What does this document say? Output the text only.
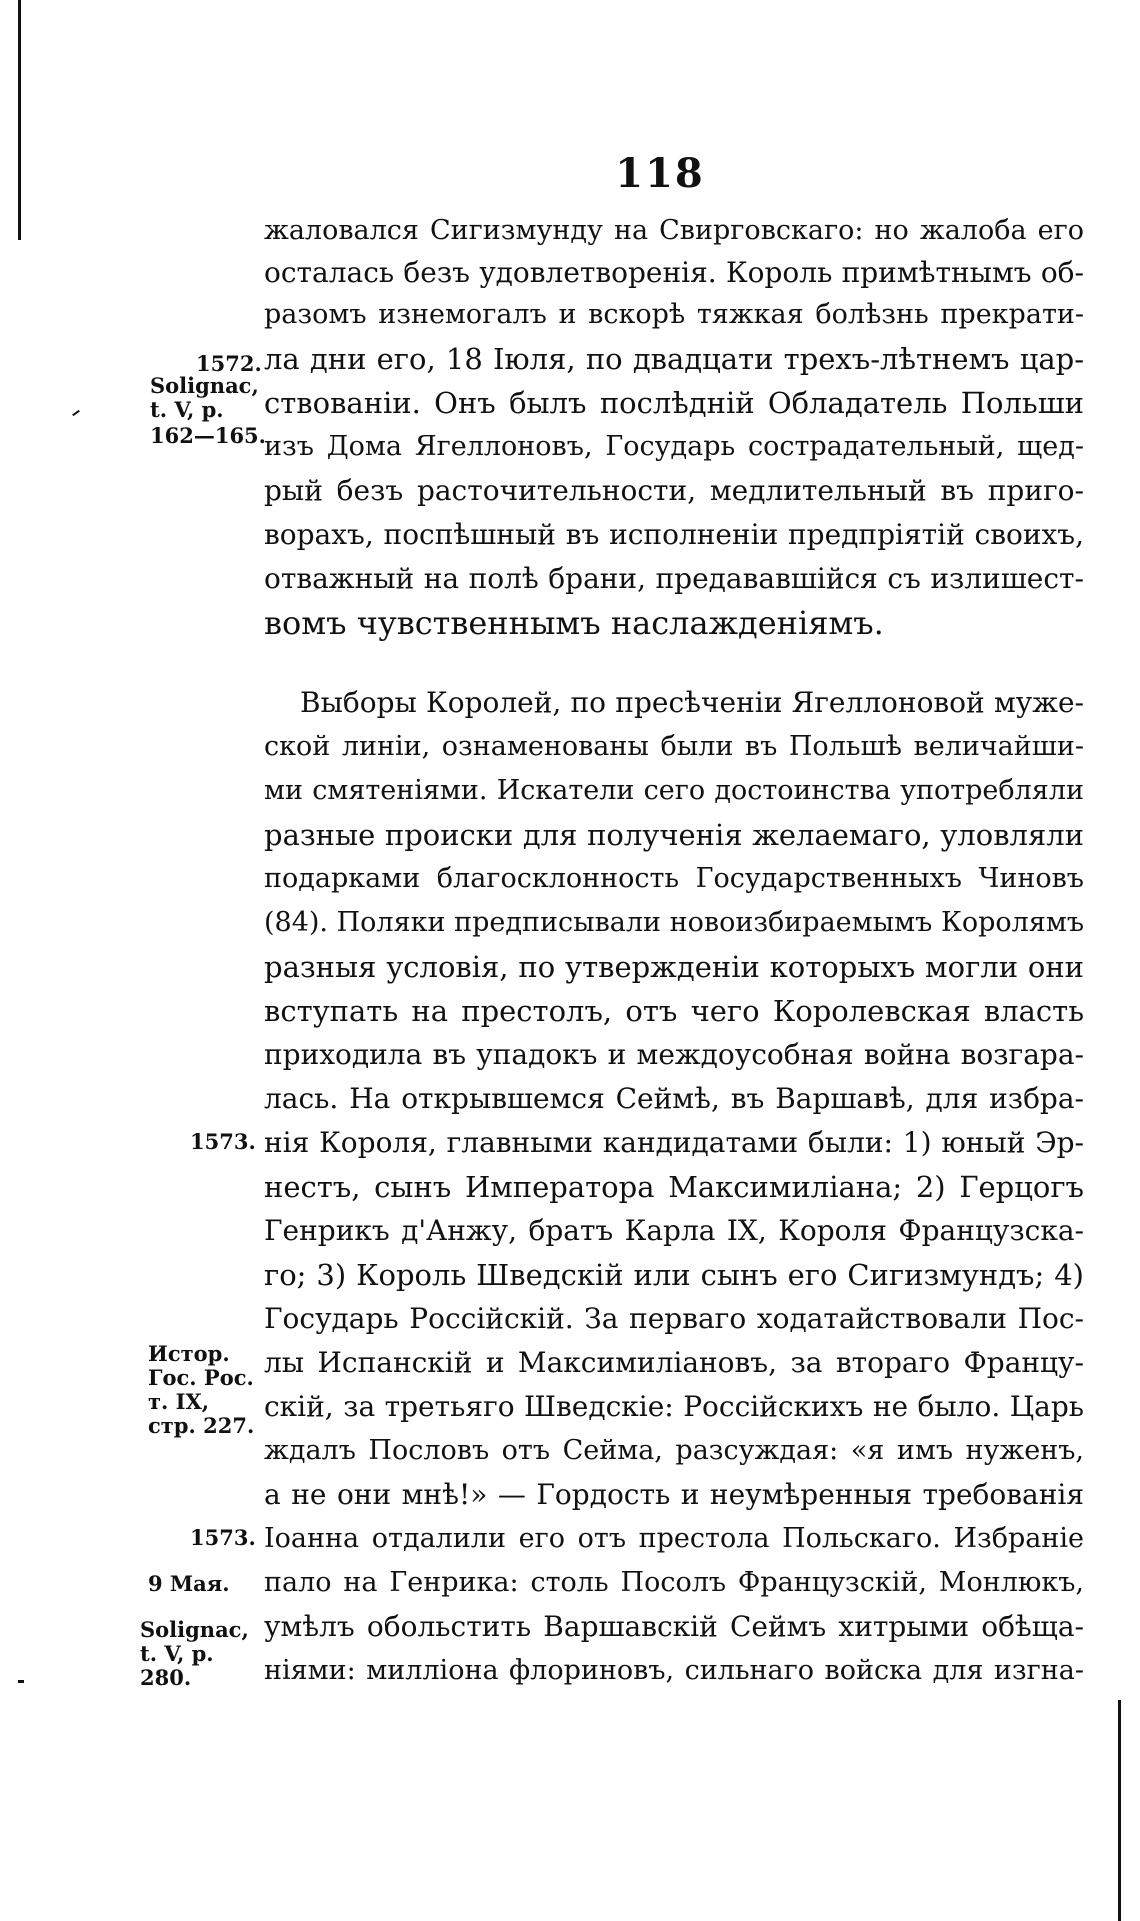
118
жаловался Сигизмунду на Свирговскаго: но жалоба его
осталась безъ удовлетворенія. Король примѣтнымъ об-
разомъ изнемогалъ и вскорѣ тяжкая болѣзнь прекрати-
ла дни его, 18 Іюля, по двадцати трехъ-лѣтнемъ цар-
ствованіи. Онъ былъ послѣдній Обладатель Польши
изъ Дома Ягеллоновъ, Государь сострадательный, щед-
рый безъ расточительности, медлительный въ приго-
ворахъ, поспѣшный въ исполненіи предпріятій своихъ,
отважный на полѣ брани, предававшійся съ излишест-
вомъ чувственнымъ наслажденіямъ.
Выборы Королей, по пресѣченіи Ягеллоновой муже-
ской линіи, ознаменованы были въ Польшѣ величайши-
ми смятеніями. Искатели сего достоинства употребляли
разные происки для полученія желаемаго, уловляли
подарками благосклонность Государственныхъ Чиновъ
(84). Поляки предписывали новоизбираемымъ Королямъ
разныя условія, по утвержденіи которыхъ могли они
вступать на престолъ, отъ чего Королевская власть
приходила въ упадокъ и междоусобная война возгара-
лась. На открывшемся Сеймѣ, въ Варшавѣ, для избра-
нія Короля, главными кандидатами были: 1) юный Эр-
нестъ, сынъ Императора Максимиліана; 2) Герцогъ
Генрикъ д'Анжу, братъ Карла IX, Короля Французска-
го; 3) Король Шведскій или сынъ его Сигизмундъ; 4)
Государь Россійскій. За перваго ходатайствовали Пос-
лы Испанскій и Максимиліановъ, за втораго Францу-
скій, за третьяго Шведскіе: Россійскихъ не было. Царь
ждалъ Пословъ отъ Сейма, разсуждая: «я имъ нуженъ,
а не они мнѣ!» — Гордость и неумѣренныя требованія
Іоанна отдалили его отъ престола Польскаго. Избраніе
пало на Генрика: столь Посолъ Французскій, Монлюкъ,
умѣлъ обольстить Варшавскій Сеймъ хитрыми обѣща-
ніями: милліона флориновъ, сильнаго войска для изгна-
1572.
Solignac,
t. V, p.
162—165.
1573.
Истор.
Гос. Рос.
т. IX,
стр. 227.
1573.
9 Мая.
Solignac,
t. V, p.
280.
